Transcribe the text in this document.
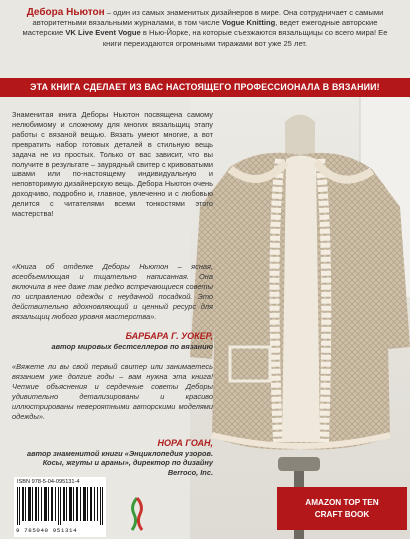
Дебора Ньютон – один из самых знаменитых дизайнеров в мире. Она сотрудничает с самыми авторитетными вязальными журналами, в том числе Vogue Knitting, ведет ежегодные авторские мастерские VK Live Event Vogue в Нью-Йорке, на которые съезжаются вязальщицы со всего мира! Ее книги переиздаются огромными тиражами вот уже 25 лет.
ЭТА КНИГА СДЕЛАЕТ ИЗ ВАС НАСТОЯЩЕГО ПРОФЕССИОНАЛА В ВЯЗАНИИ!
Знаменитая книга Деборы Ньютон посвящена самому нелюбимому и сложному для многих вязальщиц этапу работы с вязаной вещью. Вязать умеют многие, а вот превратить набор готовых деталей в стильную вещь задача не из простых. Только от вас зависит, что вы получите в результате – заурядный свитер с кривоватыми швами или по-настоящему индивидуальную и неповторимую дизайнерскую вещь. Дебора Ньютон очень доходчиво, подробно и, главное, увлеченно и с любовью делится с читателями всеми тонкостями этого мастерства!
«Книга об отделке Деборы Ньютон – ясная, всеобъемлющая и тщательно написанная. Она включила в нее даже так редко встречающиеся советы по исправлению одежды с неудачной посадкой. Это действительно вдохновляющий и ценный ресурс для вязальщиц любого уровня мастерства».
БАРБАРА Г. УОКЕР,
автор мировых бестселлеров по вязанию
«Вяжете ли вы свой первый свитер или занимаетесь вязанием уже долгие годы – вам нужна эта книга! Четкие объяснения и сердечные советы Деборы удивительно детализированы и красиво иллюстрированы невероятными авторскими моделями одежды».
НОРА ГОАН,
автор знаменитой книги «Энциклопедия узоров. Косы, жгуты и араны», директор по дизайну Berroco, Inc.
ISBN 978-5-04-095131-4
9 785040 951314
AMAZON TOP TEN
CRAFT BOOK
